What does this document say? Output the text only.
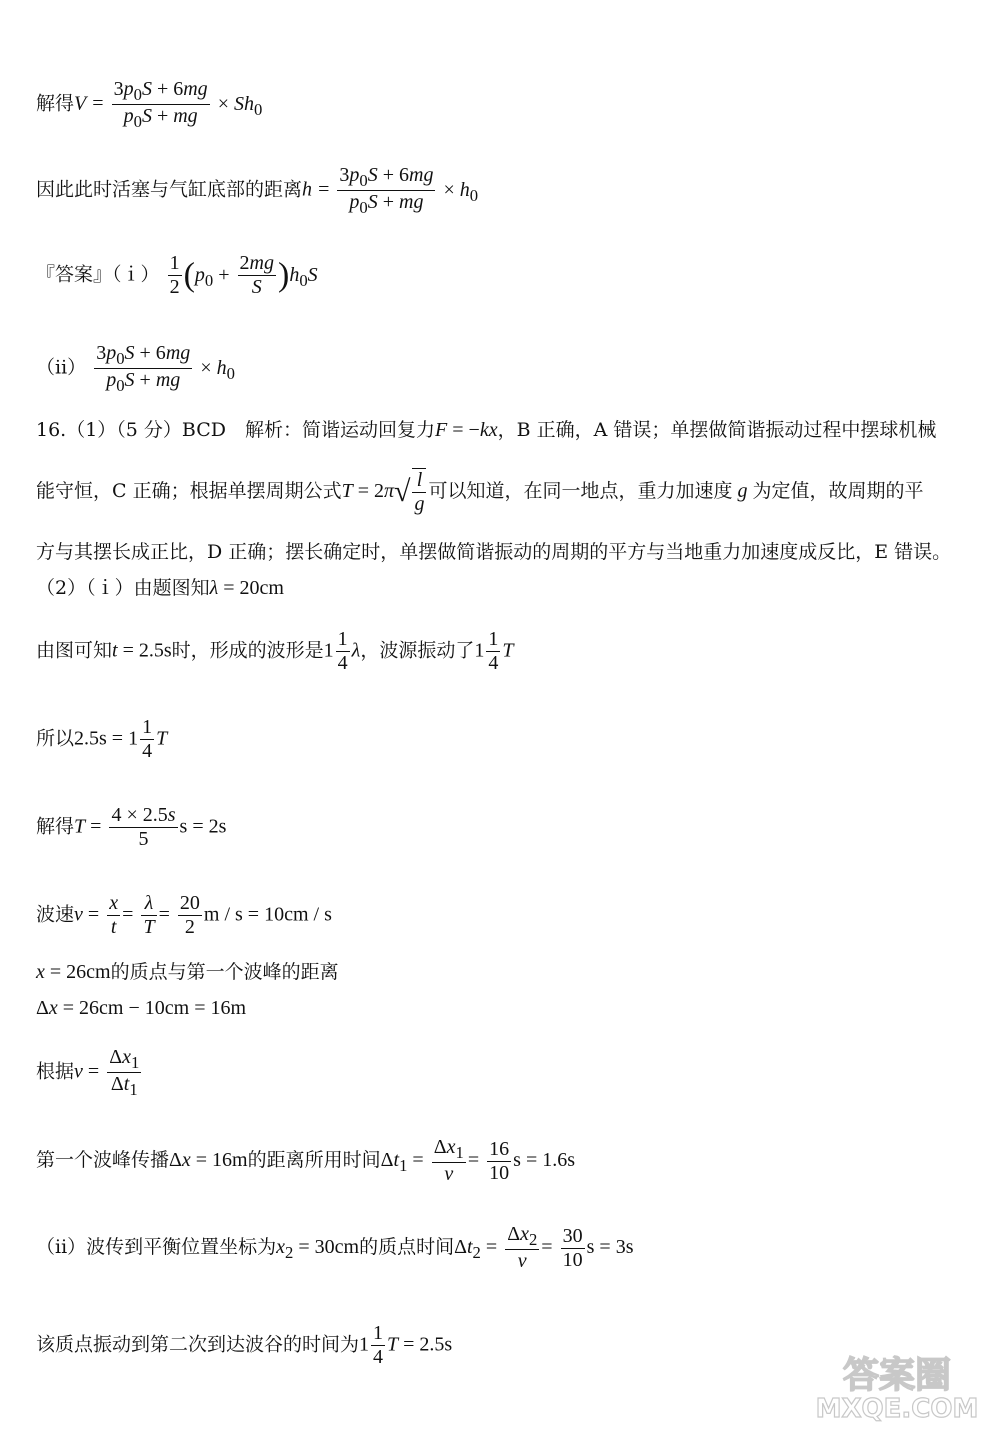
解得$V = \frac{3p_0S + 6mg}{p_0S + mg} \times Sh_0$
因此此时活塞与气缸底部的距离$h = \frac{3p_0S + 6mg}{p_0S + mg} \times h_0$
『答案』（ｉ） $\frac{1}{2} (p_0 + \frac{2mg}{S} )h_0S$
（ⅱ） $\frac{3p_0S + 6mg}{p_0S + mg} \times h_0$
16.（1）（5 分）BCD　解析：简谐运动回复力F = −kx，B 正确，A 错误；单摆做简谐振动过程中摆球机械
能守恒，C 正确；根据单摆周期公式$T = 2\pi√ \frac{l}{g}$ 可以知道，在同一地点，重力加速度 g 为定值，故周期的平
方与其摆长成正比，D 正确；摆长确定时，单摆做简谐振动的周期的平方与当地重力加速度成反比，E 错误。
（2）（ｉ）由题图知λ = 20cm
由图可知t = 2.5s时，形成的波形是$1 \frac{1}{4}$ λ，波源振动了$1 \frac{1}{4}$ T
所以$2.5s = 1 \frac{1}{4}$ T
解得$T = \frac{4 \times 2.5s}{5}$ s = 2s
波速$v = \frac{x}{t} = \frac{\lambda}{T} = \frac{20}{2}$ m / s = 10cm / s
x = 26cm的质点与第一个波峰的距离
Δx = 26cm − 10cm = 16m
根据$v = \frac{\Delta x_1}{\Delta t_1}$
第一个波峰传播Δx = 16m的距离所用时间$\Delta t_1 = \frac{\Delta x_1}{v} = \frac{16}{10}$ s = 1.6s
（ⅱ）波传到平衡位置坐标为$x_2 = 30cm$的质点时间$\Delta t_2 = \frac{\Delta x_2}{v} = \frac{30}{10}$ s = 3s
该质点振动到第二次到达波谷的时间为$1 \frac{1}{4}$ T = 2.5s
答案圈
MXQE.COM
